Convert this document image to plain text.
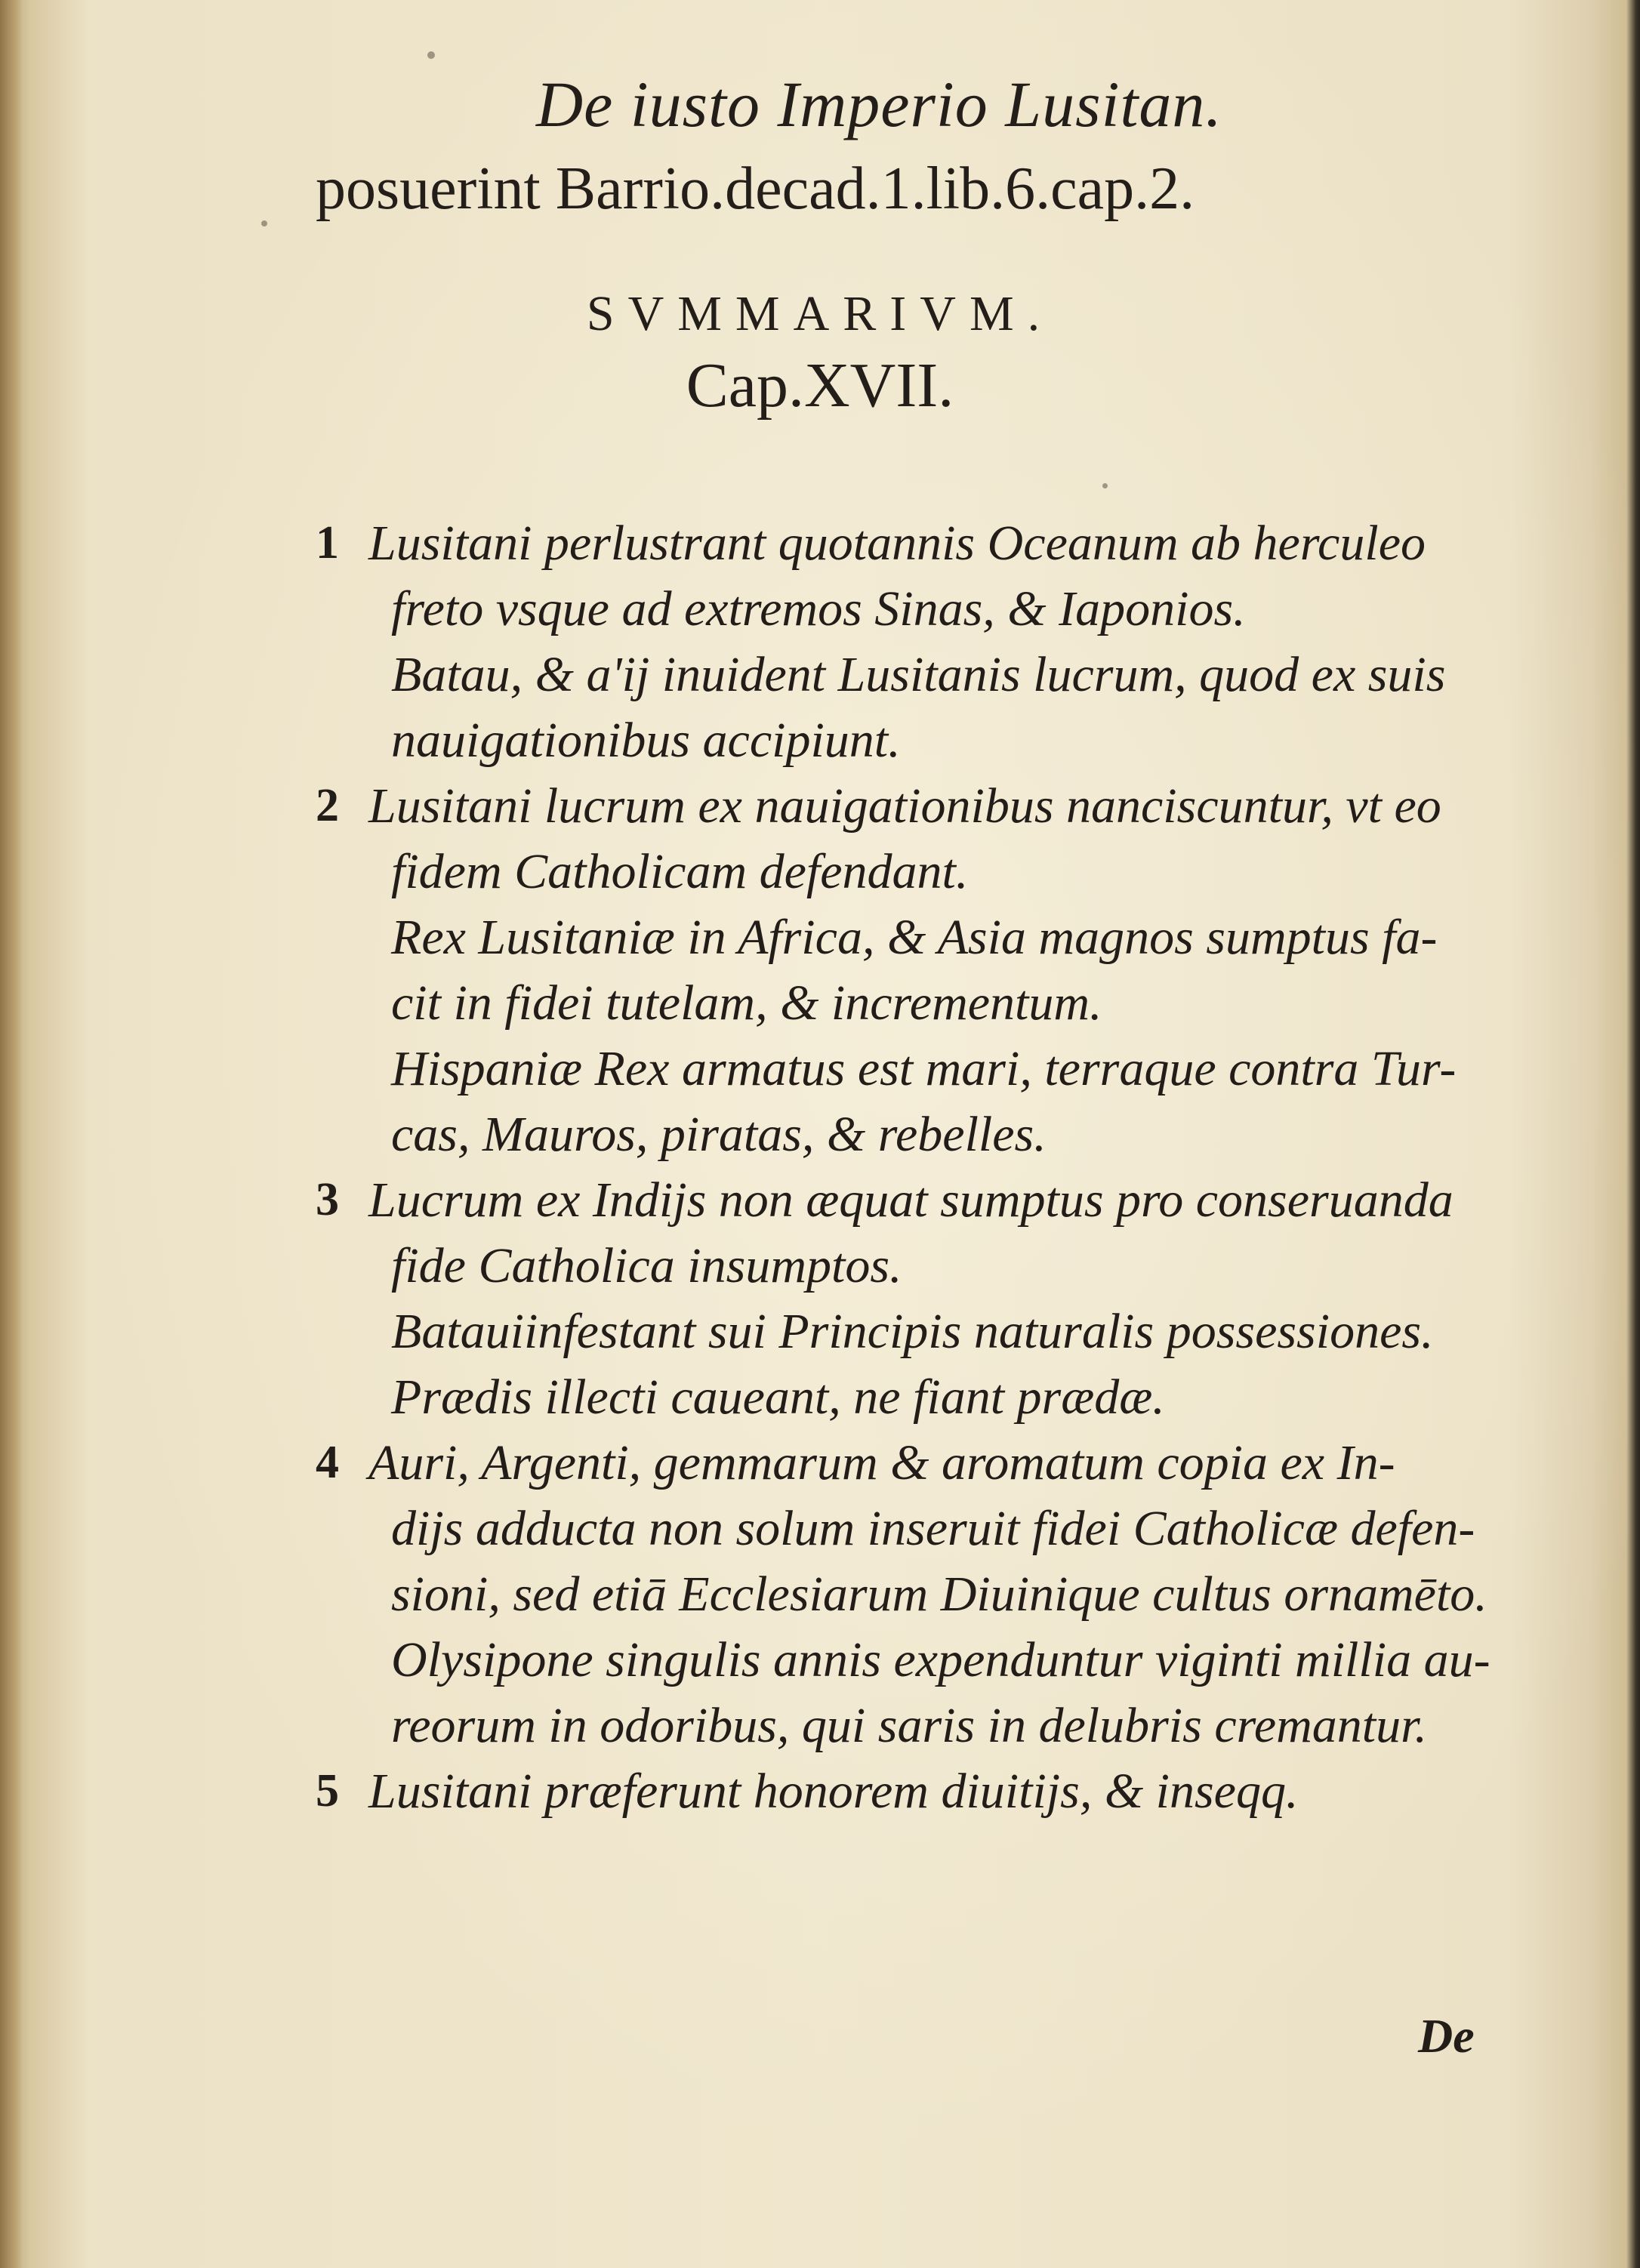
De iusto Imperio Lusitan.
posuerint Barrio.decad.1.lib.6.cap.2.
SVMMARIVM.
Cap.XVII.
1 Lusitani perlustrant quotannis Oceanum ab herculeo
freto vsque ad extremos Sinas, & Iaponios.
Batau, & a'ij inuident Lusitanis lucrum, quod ex suis
nauigationibus accipiunt.
2 Lusitani lucrum ex nauigationibus nanciscuntur, vt eo
fidem Catholicam defendant.
Rex Lusitaniæ in Africa, & Asia magnos sumptus fa-
cit in fidei tutelam, & incrementum.
Hispaniæ Rex armatus est mari, terraque contra Tur-
cas, Mauros, piratas, & rebelles.
3 Lucrum ex Indijs non æquat sumptus pro conseruanda
fide Catholica insumptos.
Batauiinfestant sui Principis naturalis possessiones.
Prædis illecti caueant, ne fiant prædæ.
4 Auri, Argenti, gemmarum & aromatum copia ex In-
dijs adducta non solum inseruit fidei Catholicæ defen-
sioni, sed etiā Ecclesiarum Diuinique cultus ornamēto.
Olysipone singulis annis expenduntur viginti millia au-
reorum in odoribus, qui saris in delubris cremantur.
5 Lusitani præferunt honorem diuitijs, & inseqq.
De
